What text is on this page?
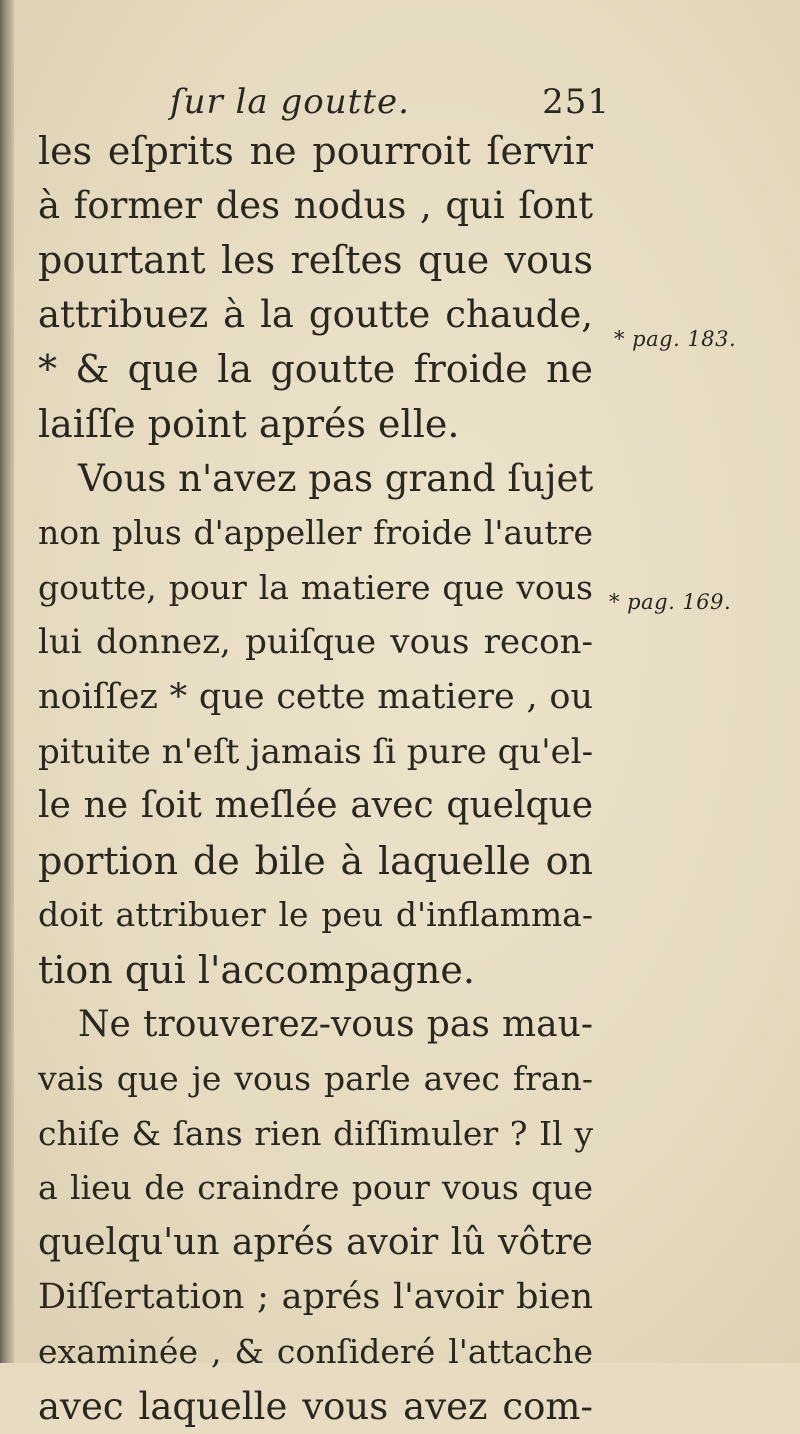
ſur la goutte.	251
les eſprits ne pourroit ſervir
à former des nodus , qui ſont
pourtant les reſtes que vous
attribuez à la goutte chaude,
* & que la goutte froide ne
laiſſe point aprés elle.
Vous n'avez pas grand ſujet
non plus d'appeller froide l'autre
goutte, pour la matiere que vous
lui donnez, puiſque vous recon-
noiſſez * que cette matiere , ou
pituite n'eſt jamais ſi pure qu'el-
le ne ſoit meſlée avec quelque
portion de bile à laquelle on
doit attribuer le peu d'inflamma-
tion qui l'accompagne.
Ne trouverez-vous pas mau-
vais que je vous parle avec fran-
chiſe & ſans rien diſſimuler ? Il y
a lieu de craindre pour vous que
quelqu'un aprés avoir lû vôtre
Diſſertation ; aprés l'avoir bien
examinée , & conſideré l'attache
avec laquelle vous avez com-
* pag. 183.
* pag. 169.
